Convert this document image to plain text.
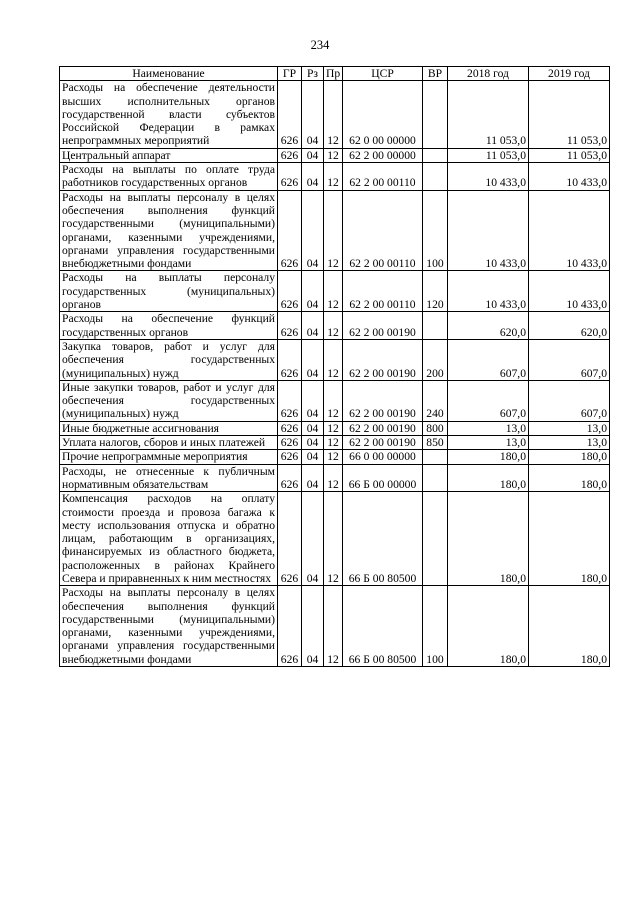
234
Наименование	ГР	Рз	Пр	ЦСР	ВР	2018 год	2019 год
Расходы на обеспечение деятельности высших исполнительных органов государственной власти субъектов Российской Федерации в рамках непрограммных мероприятий	626	04	12	62 0 00 00000		11 053,0	11 053,0
Центральный аппарат	626	04	12	62 2 00 00000		11 053,0	11 053,0
Расходы на выплаты по оплате труда работников государственных органов	626	04	12	62 2 00 00110		10 433,0	10 433,0
Расходы на выплаты персоналу в целях обеспечения выполнения функций государственными (муниципальными) органами, казенными учреждениями, органами управления государственными внебюджетными фондами	626	04	12	62 2 00 00110	100	10 433,0	10 433,0
Расходы на выплаты персоналу государственных (муниципальных) органов	626	04	12	62 2 00 00110	120	10 433,0	10 433,0
Расходы на обеспечение функций государственных органов	626	04	12	62 2 00 00190		620,0	620,0
Закупка товаров, работ и услуг для обеспечения государственных (муниципальных) нужд	626	04	12	62 2 00 00190	200	607,0	607,0
Иные закупки товаров, работ и услуг для обеспечения государственных (муниципальных) нужд	626	04	12	62 2 00 00190	240	607,0	607,0
Иные бюджетные ассигнования	626	04	12	62 2 00 00190	800	13,0	13,0
Уплата налогов, сборов и иных платежей	626	04	12	62 2 00 00190	850	13,0	13,0
Прочие непрограммные мероприятия	626	04	12	66 0 00 00000		180,0	180,0
Расходы, не отнесенные к публичным нормативным обязательствам	626	04	12	66 Б 00 00000		180,0	180,0
Компенсация расходов на оплату стоимости проезда и провоза багажа к месту использования отпуска и обратно лицам, работающим в организациях, финансируемых из областного бюджета, расположенных в районах Крайнего Севера и приравненных к ним местностях	626	04	12	66 Б 00 80500		180,0	180,0
Расходы на выплаты персоналу в целях обеспечения выполнения функций государственными (муниципальными) органами, казенными учреждениями, органами управления государственными внебюджетными фондами	626	04	12	66 Б 00 80500	100	180,0	180,0
